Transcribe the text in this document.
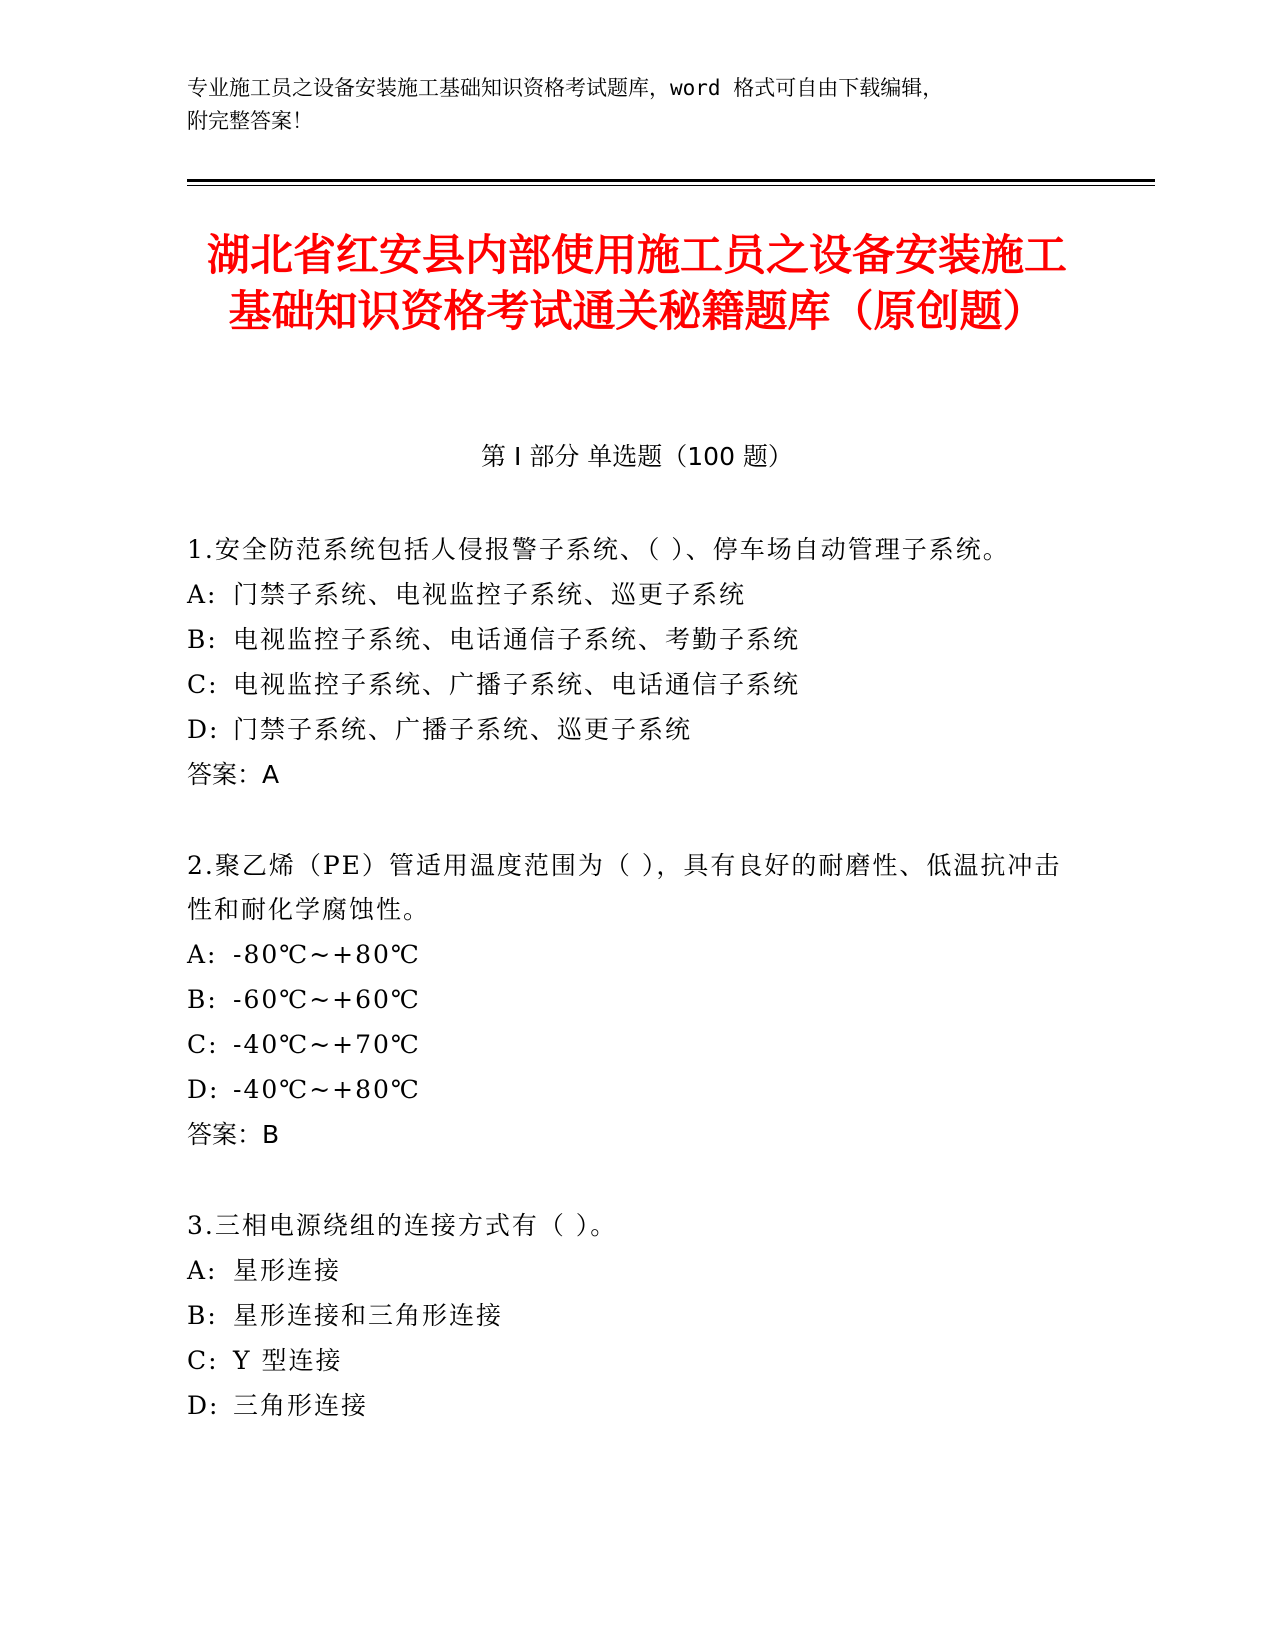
专业施工员之设备安装施工基础知识资格考试题库，word 格式可自由下载编辑，
附完整答案！
湖北省红安县内部使用施工员之设备安装施工基础知识资格考试通关秘籍题库（原创题）
第 I 部分 单选题（100 题）
1.安全防范系统包括人侵报警子系统、（ ）、停车场自动管理子系统。
A: 门禁子系统、电视监控子系统、巡更子系统
B: 电视监控子系统、电话通信子系统、考勤子系统
C: 电视监控子系统、广播子系统、电话通信子系统
D: 门禁子系统、广播子系统、巡更子系统
答案：A
2.聚乙烯（PE）管适用温度范围为（ ），具有良好的耐磨性、低温抗冲击性和耐化学腐蚀性。
A: -80℃~+80℃
B: -60℃~+60℃
C: -40℃~+70℃
D: -40℃~+80℃
答案：B
3.三相电源绕组的连接方式有（ ）。
A: 星形连接
B: 星形连接和三角形连接
C: Y 型连接
D: 三角形连接
